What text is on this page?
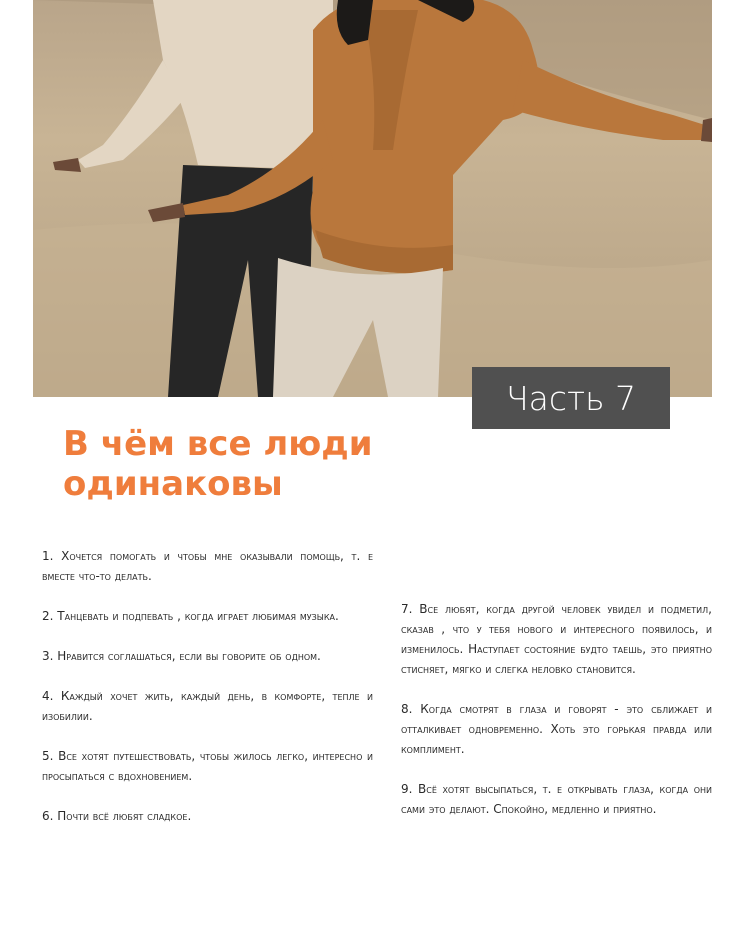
Часть 7
В чём все люди одинаковы

1. Хочется помогать и чтобы мне оказывали помощь, т. е вместе что-то делать.

2. Танцевать и подпевать , когда играет любимая музыка.

3. Нравится соглашаться, если вы говорите об одном.

4. Каждый хочет жить, каждый день, в комфорте, тепле и изобилии.

5. Все хотят путешествовать, чтобы жилось легко, интересно и просыпаться с вдохновением.

6. Почти всё любят сладкое.

7. Все любят, когда другой человек увидел и подметил, сказав , что у тебя нового и интересного появилось, и изменилось. Наступает состояние будто таешь, это приятно стисняет, мягко и слегка неловко становится.

8. Когда смотрят в глаза и говорят - это сближает и отталкивает одновременно. Хоть это горькая правда или комплимент.

9. Всё хотят высыпаться, т. е открывать глаза, когда они сами это делают. Спокойно, медленно и приятно.
